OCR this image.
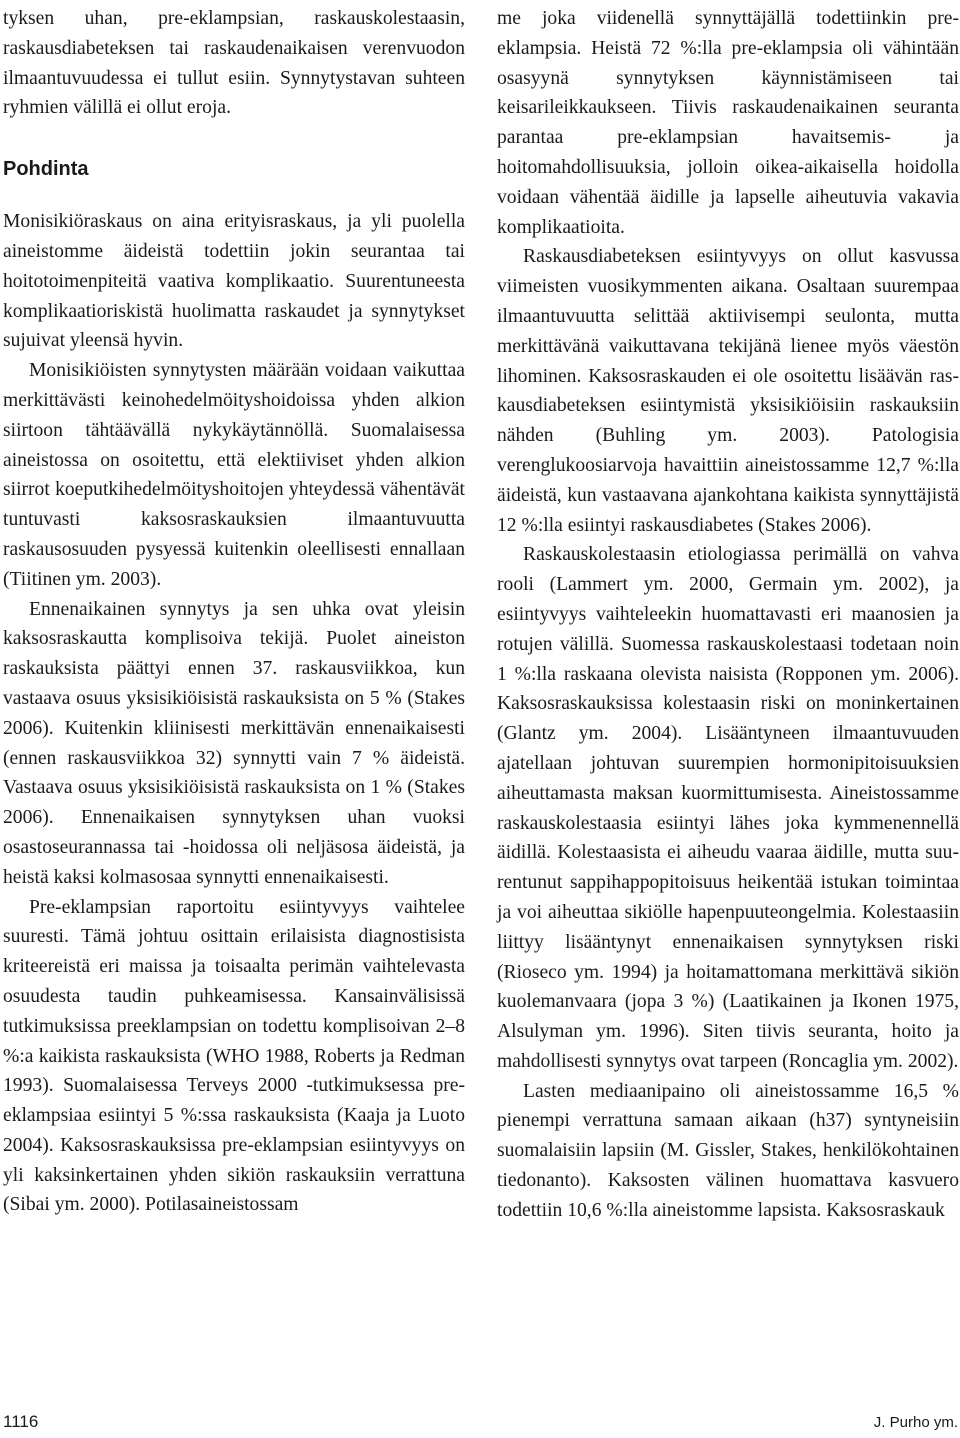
tyksen uhan, pre-eklampsian, raskauskolestaasin, raskausdiabeteksen tai raskaudenaikaisen verenvuodon ilmaantuvuudessa ei tullut esiin. Synnytystavan suhteen ryhmien välillä ei ollut eroja.

Pohdinta

Monisikiöraskaus on aina erityisraskaus, ja yli puolella aineistomme äideistä todettiin jokin seurantaa tai hoitotoimenpiteitä vaativa komplikaatio. Suurentuneesta komplikaatioriskistä huolimatta raskaudet ja synnytykset sujuivat yleensä hyvin.

Monisikiöisten synnytysten määrään voidaan vaikuttaa merkittävästi keinohedelmöityshoidoissa yhden alkion siirtoon tähtäävällä nykykäytännöllä. Suomalaisessa aineistossa on osoitettu, että elektiiviset yhden alkion siirrot koeputkihedelmöityshoitojen yhteydessä vähentävät tuntuvasti kaksosraskauksien ilmaantuvuutta raskausosuuden pysyessä kuitenkin oleellisesti ennallaan (Tiitinen ym. 2003).

Ennenaikainen synnytys ja sen uhka ovat yleisin kaksosraskautta komplisoiva tekijä. Puolet aineiston raskauksista päättyi ennen 37. raskausviikkoa, kun vastaava osuus yksisikiöisistä raskauksista on 5 % (Stakes 2006). Kuitenkin kliinisesti merkittävän ennenaikaisesti (ennen raskausviikkoa 32) synnytti vain 7 % äideistä. Vastaava osuus yksisikiöisistä raskauksista on 1 % (Stakes 2006). Ennenaikaisen synnytyksen uhan vuoksi osastoseurannassa tai -hoidossa oli neljäsosa äideistä, ja heistä kaksi kolmasosaa synnytti ennenaikaisesti.

Pre-eklampsian raportoitu esiintyvyys vaihtelee suuresti. Tämä johtuu osittain erilaisista diagnostisista kriteereistä eri maissa ja toisaalta perimän vaihtelevasta osuudesta taudin puhkeamisessa. Kansainvälisissä tutkimuksissa preeklampsian on todettu komplisoivan 2–8 %:a kaikista raskauksista (WHO 1988, Roberts ja Redman 1993). Suomalaisessa Terveys 2000 -tutkimuksessa pre-eklampsiaa esiintyi 5 %:ssa raskauksista (Kaaja ja Luoto 2004). Kaksosraskauksissa pre-eklampsian esiintyvyys on yli kaksinkertainen yhden sikiön raskauksiin verrattuna (Sibai ym. 2000). Potilasaineistossam

me joka viidenellä synnyttäjällä todettiinkin pre-eklampsia. Heistä 72 %:lla pre-eklampsia oli vähintään osasyynä synnytyksen käynnistämiseen tai keisarileikkaukseen. Tiivis raskaudenaikainen seuranta parantaa pre-eklampsian havaitsemis- ja hoitomahdollisuuksia, jolloin oikea-aikaisella hoidolla voidaan vähentää äidille ja lapselle aiheutuvia vakavia komplikaatioita.

Raskausdiabeteksen esiintyvyys on ollut kasvussa viimeisten vuosikymmenten aikana. Osaltaan suurempaa ilmaantuvuutta selittää aktiivisempi seulonta, mutta merkittävänä vaikuttavana tekijänä lienee myös väestön lihominen. Kaksosraskauden ei ole osoitettu lisäävän raskausdiabeteksen esiintymistä yksisikiöisiin raskauksiin nähden (Buhling ym. 2003). Patologisia verenglukoosiarvoja havaittiin aineistossamme 12,7 %:lla äideistä, kun vastaavana ajankohtana kaikista synnyttäjistä 12 %:lla esiintyi raskausdiabetes (Stakes 2006).

Raskauskolestaasin etiologiassa perimällä on vahva rooli (Lammert ym. 2000, Germain ym. 2002), ja esiintyvyys vaihteleekin huomattavasti eri maanosien ja rotujen välillä. Suomessa raskauskolestaasi todetaan noin 1 %:lla raskaana olevista naisista (Ropponen ym. 2006). Kaksosraskauksissa kolestaasin riski on moninkertainen (Glantz ym. 2004). Lisääntyneen ilmaantuvuuden ajatellaan johtuvan suurempien hormonipitoisuuksien aiheuttamasta maksan kuormittumisesta. Aineistossamme raskauskolestaasia esiintyi lähes joka kymmenennellä äidillä. Kolestaasista ei aiheudu vaaraa äidille, mutta suurentunut sappihappopitoisuus heikentää istukan toimintaa ja voi aiheuttaa sikiölle hapenpuuteongelmia. Kolestaasiin liittyy lisääntynyt ennenaikaisen synnytyksen riski (Rioseco ym. 1994) ja hoitamattomana merkittävä sikiön kuolemanvaara (jopa 3 %) (Laatikainen ja Ikonen 1975, Alsulyman ym. 1996). Siten tiivis seuranta, hoito ja mahdollisesti synnytys ovat tarpeen (Roncaglia ym. 2002).

Lasten mediaanipaino oli aineistossamme 16,5 % pienempi verrattuna samaan aikaan (h37) syntyneisiin suomalaisiin lapsiin (M. Gissler, Stakes, henkilökohtainen tiedonanto). Kaksosten välinen huomattava kasvuero todettiin 10,6 %:lla aineistomme lapsista. Kaksosraskauk

1116	J. Purho ym.
